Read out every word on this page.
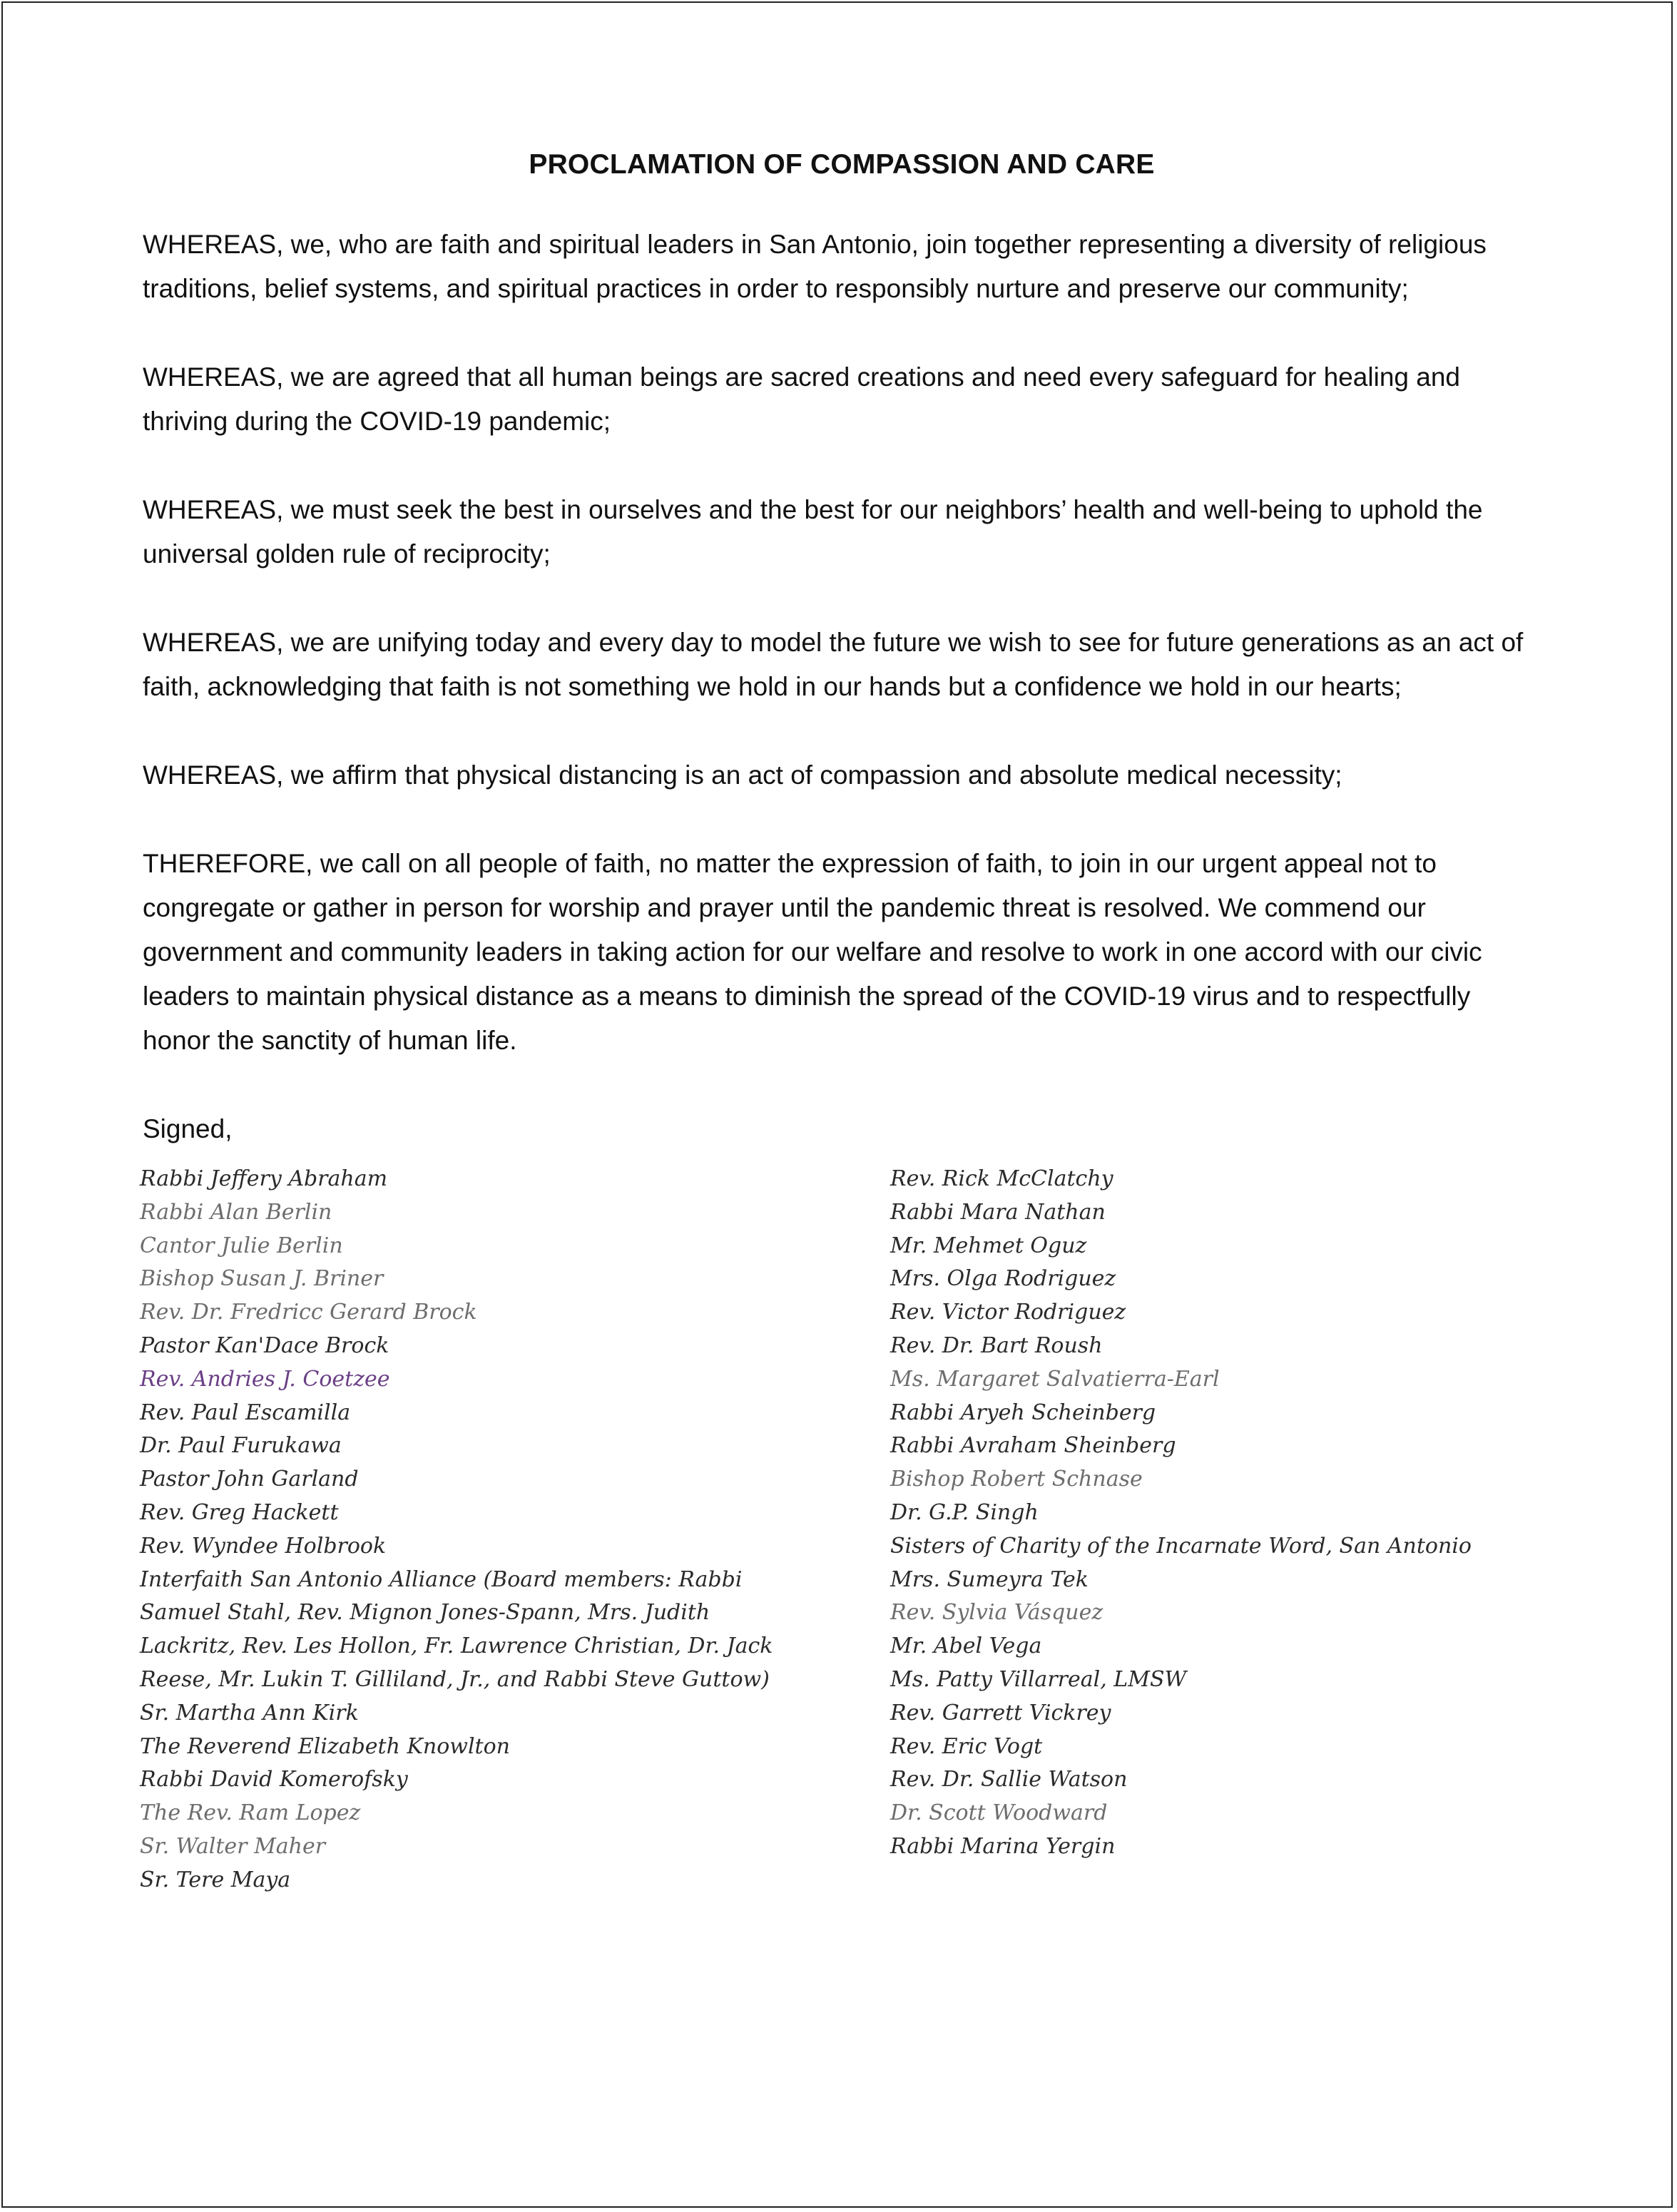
PROCLAMATION OF COMPASSION AND CARE
WHEREAS, we, who are faith and spiritual leaders in San Antonio, join together representing a diversity of religious traditions, belief systems, and spiritual practices in order to responsibly nurture and preserve our community;
WHEREAS, we are agreed that all human beings are sacred creations and need every safeguard for healing and thriving during the COVID-19 pandemic;
WHEREAS, we must seek the best in ourselves and the best for our neighbors’ health and well-being to uphold the universal golden rule of reciprocity;
WHEREAS, we are unifying today and every day to model the future we wish to see for future generations as an act of faith, acknowledging that faith is not something we hold in our hands but a confidence we hold in our hearts;
WHEREAS, we affirm that physical distancing is an act of compassion and absolute medical necessity;
THEREFORE, we call on all people of faith, no matter the expression of faith, to join in our urgent appeal not to congregate or gather in person for worship and prayer until the pandemic threat is resolved. We commend our government and community leaders in taking action for our welfare and resolve to work in one accord with our civic leaders to maintain physical distance as a means to diminish the spread of the COVID-19 virus and to respectfully honor the sanctity of human life.
Signed,
Rabbi Jeffery Abraham
Rabbi Alan Berlin
Cantor Julie Berlin
Bishop Susan J. Briner
Rev. Dr. Fredricc Gerard Brock
Pastor Kan'Dace Brock
Rev. Andries J. Coetzee
Rev. Paul Escamilla
Dr. Paul Furukawa
Pastor John Garland
Rev. Greg Hackett
Rev. Wyndee Holbrook
Interfaith San Antonio Alliance (Board members: Rabbi Samuel Stahl, Rev. Mignon Jones-Spann, Mrs. Judith Lackritz, Rev. Les Hollon, Fr. Lawrence Christian, Dr. Jack Reese, Mr. Lukin T. Gilliland, Jr., and Rabbi Steve Guttow)
Sr. Martha Ann Kirk
The Reverend Elizabeth Knowlton
Rabbi David Komerofsky
The Rev. Ram Lopez
Sr. Walter Maher
Sr. Tere Maya
Rev. Rick McClatchy
Rabbi Mara Nathan
Mr. Mehmet Oguz
Mrs. Olga Rodriguez
Rev. Victor Rodriguez
Rev. Dr. Bart Roush
Ms. Margaret Salvatierra-Earl
Rabbi Aryeh Scheinberg
Rabbi Avraham Sheinberg
Bishop Robert Schnase
Dr. G.P. Singh
Sisters of Charity of the Incarnate Word, San Antonio
Mrs. Sumeyra Tek
Rev. Sylvia Vásquez
Mr. Abel Vega
Ms. Patty Villarreal, LMSW
Rev. Garrett Vickrey
Rev. Eric Vogt
Rev. Dr. Sallie Watson
Dr. Scott Woodward
Rabbi Marina Yergin
